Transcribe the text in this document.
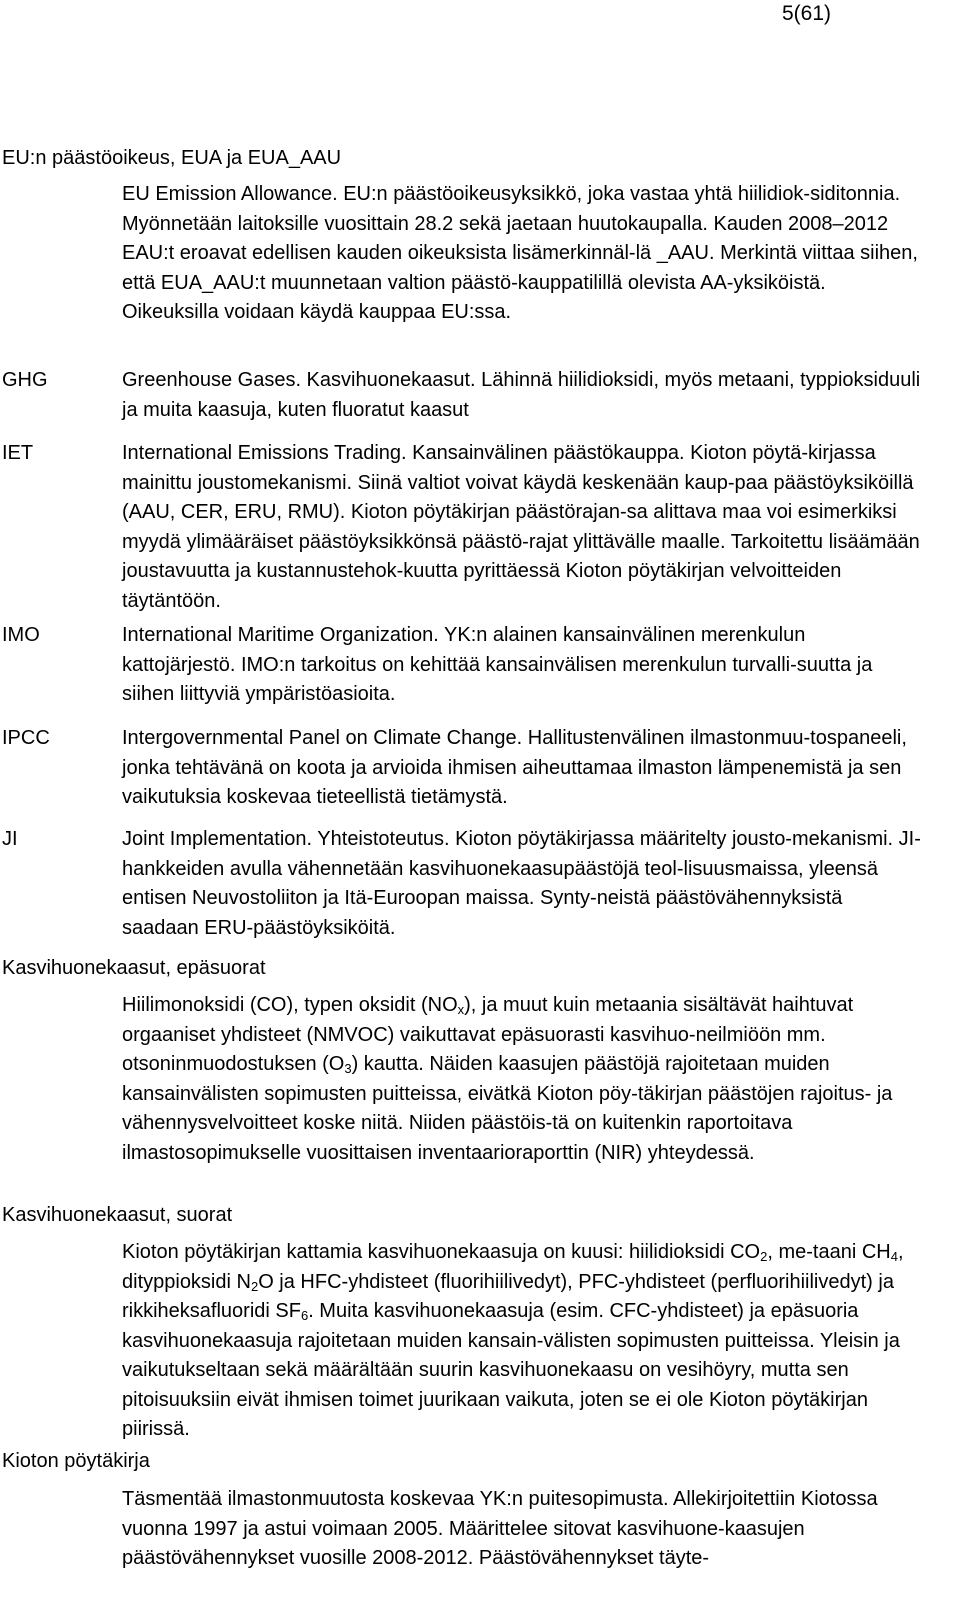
5(61)
EU:n päästöoikeus, EUA ja EUA_AAU

EU Emission Allowance. EU:n päästöoikeusyksikkö, joka vastaa yhtä hiilidiok-siditonnia. Myönnetään laitoksille vuosittain 28.2 sekä jaetaan huutokaupalla. Kauden 2008–2012 EAU:t eroavat edellisen kauden oikeuksista lisämerkinnäl-lä _AAU. Merkintä viittaa siihen, että EUA_AAU:t muunnetaan valtion päästö-kauppatilillä olevista AA-yksiköistä. Oikeuksilla voidaan käydä kauppaa EU:ssa.

GHG	Greenhouse Gases. Kasvihuonekaasut. Lähinnä hiilidioksidi, myös metaani, typpioksiduuli ja muita kaasuja, kuten fluoratut kaasut

IET	International Emissions Trading. Kansainvälinen päästökauppa. Kioton pöytä-kirjassa mainittu joustomekanismi. Siinä valtiot voivat käydä keskenään kaup-paa päästöyksiköillä (AAU, CER, ERU, RMU). Kioton pöytäkirjan päästörajan-sa alittava maa voi esimerkiksi myydä ylimääräiset päästöyksikkönsä päästö-rajat ylittävälle maalle. Tarkoitettu lisäämään joustavuutta ja kustannustehok-kuutta pyrittäessä Kioton pöytäkirjan velvoitteiden täytäntöön.

IMO	International Maritime Organization. YK:n alainen kansainvälinen merenkulun kattojärjestö. IMO:n tarkoitus on kehittää kansainvälisen merenkulun turvalli-suutta ja siihen liittyviä ympäristöasioita.

IPCC	Intergovernmental Panel on Climate Change. Hallitustenvälinen ilmastonmuu-tospaneeli, jonka tehtävänä on koota ja arvioida ihmisen aiheuttamaa ilmaston lämpenemistä ja sen vaikutuksia koskevaa tieteellistä tietämystä.

JI	Joint Implementation. Yhteistoteutus. Kioton pöytäkirjassa määritelty jousto-mekanismi. JI-hankkeiden avulla vähennetään kasvihuonekaasupäästöjä teol-lisuusmaissa, yleensä entisen Neuvostoliiton ja Itä-Euroopan maissa. Synty-neistä päästövähennyksistä saadaan ERU-päästöyksiköitä.

Kasvihuonekaasut, epäsuorat

Hiilimonoksidi (CO), typen oksidit $(NO_x)$, ja muut kuin metaania sisältävät haihtuvat orgaaniset yhdisteet (NMVOC) vaikuttavat epäsuorasti kasvihuo-neilmiöön mm. otsoninmuodostuksen $(O_3)$ kautta. Näiden kaasujen päästöjä rajoitetaan muiden kansainvälisten sopimusten puitteissa, eivätkä Kioton pöy-täkirjan päästöjen rajoitus- ja vähennysvelvoitteet koske niitä. Niiden päästöis-tä on kuitenkin raportoitava ilmastosopimukselle vuosittaisen inventaarioraporttin (NIR) yhteydessä.

Kasvihuonekaasut, suorat

Kioton pöytäkirjan kattamia kasvihuonekaasuja on kuusi: hiilidioksidi $CO_2$, me-taani $CH_4$, dityppioksidi $N_2O$ ja HFC-yhdisteet (fluorihiilivedyt), PFC-yhdisteet (perfluorihiilivedyt) ja rikkiheksafluoridi $SF_6$. Muita kasvihuonekaasuja (esim. CFC-yhdisteet) ja epäsuoria kasvihuonekaasuja rajoitetaan muiden kansain-välisten sopimusten puitteissa. Yleisin ja vaikutukseltaan sekä määrältään suurin kasvihuonekaasu on vesihöyry, mutta sen pitoisuuksiin eivät ihmisen toimet juurikaan vaikuta, joten se ei ole Kioton pöytäkirjan piirissä.

Kioton pöytäkirja

Täsmentää ilmastonmuutosta koskevaa YK:n puitesopimusta. Allekirjoitettiin Kiotossa vuonna 1997 ja astui voimaan 2005. Määrittelee sitovat kasvihuone-kaasujen päästövähennykset vuosille 2008-2012. Päästövähennykset täyte-
